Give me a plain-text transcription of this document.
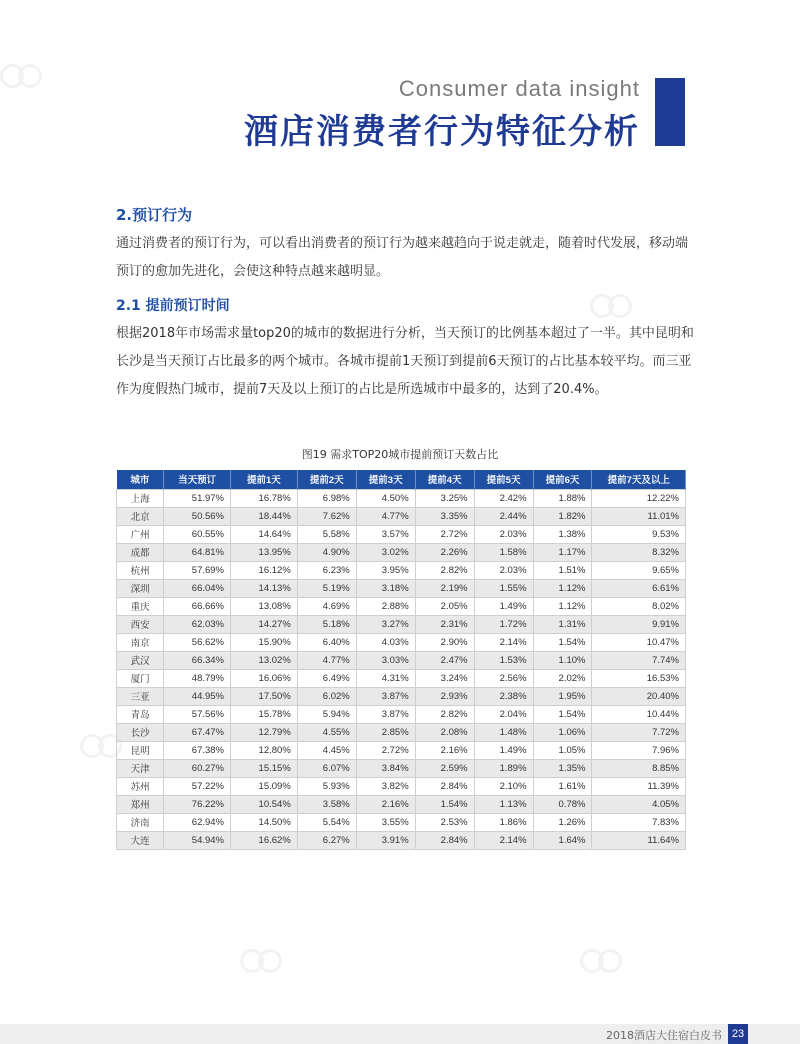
Consumer data insight
酒店消费者行为特征分析
2.预订行为

通过消费者的预订行为，可以看出消费者的预订行为越来越趋向于说走就走，随着时代发展，移动端预订的愈加先进化，会使这种特点越来越明显。

2.1 提前预订时间

根据2018年市场需求量top20的城市的数据进行分析，当天预订的比例基本超过了一半。其中昆明和长沙是当天预订占比最多的两个城市。各城市提前1天预订到提前6天预订的占比基本较平均。而三亚作为度假热门城市，提前7天及以上预订的占比是所选城市中最多的，达到了20.4%。

图19 需求TOP20城市提前预订天数占比
城市	当天预订	提前1天	提前2天	提前3天	提前4天	提前5天	提前6天	提前7天及以上
上海	51.97%	16.78%	6.98%	4.50%	3.25%	2.42%	1.88%	12.22%
北京	50.56%	18.44%	7.62%	4.77%	3.35%	2.44%	1.82%	11.01%
广州	60.55%	14.64%	5.58%	3.57%	2.72%	2.03%	1.38%	9.53%
成都	64.81%	13.95%	4.90%	3.02%	2.26%	1.58%	1.17%	8.32%
杭州	57.69%	16.12%	6.23%	3.95%	2.82%	2.03%	1.51%	9.65%
深圳	66.04%	14.13%	5.19%	3.18%	2.19%	1.55%	1.12%	6.61%
重庆	66.66%	13.08%	4.69%	2.88%	2.05%	1.49%	1.12%	8.02%
西安	62.03%	14.27%	5.18%	3.27%	2.31%	1.72%	1.31%	9.91%
南京	56.62%	15.90%	6.40%	4.03%	2.90%	2.14%	1.54%	10.47%
武汉	66.34%	13.02%	4.77%	3.03%	2.47%	1.53%	1.10%	7.74%
厦门	48.79%	16.06%	6.49%	4.31%	3.24%	2.56%	2.02%	16.53%
三亚	44.95%	17.50%	6.02%	3.87%	2.93%	2.38%	1.95%	20.40%
青岛	57.56%	15.78%	5.94%	3.87%	2.82%	2.04%	1.54%	10.44%
长沙	67.47%	12.79%	4.55%	2.85%	2.08%	1.48%	1.06%	7.72%
昆明	67.38%	12.80%	4.45%	2.72%	2.16%	1.49%	1.05%	7.96%
天津	60.27%	15.15%	6.07%	3.84%	2.59%	1.89%	1.35%	8.85%
苏州	57.22%	15.09%	5.93%	3.82%	2.84%	2.10%	1.61%	11.39%
郑州	76.22%	10.54%	3.58%	2.16%	1.54%	1.13%	0.78%	4.05%
济南	62.94%	14.50%	5.54%	3.55%	2.53%	1.86%	1.26%	7.83%
大连	54.94%	16.62%	6.27%	3.91%	2.84%	2.14%	1.64%	11.64%
2018酒店大住宿白皮书 23
